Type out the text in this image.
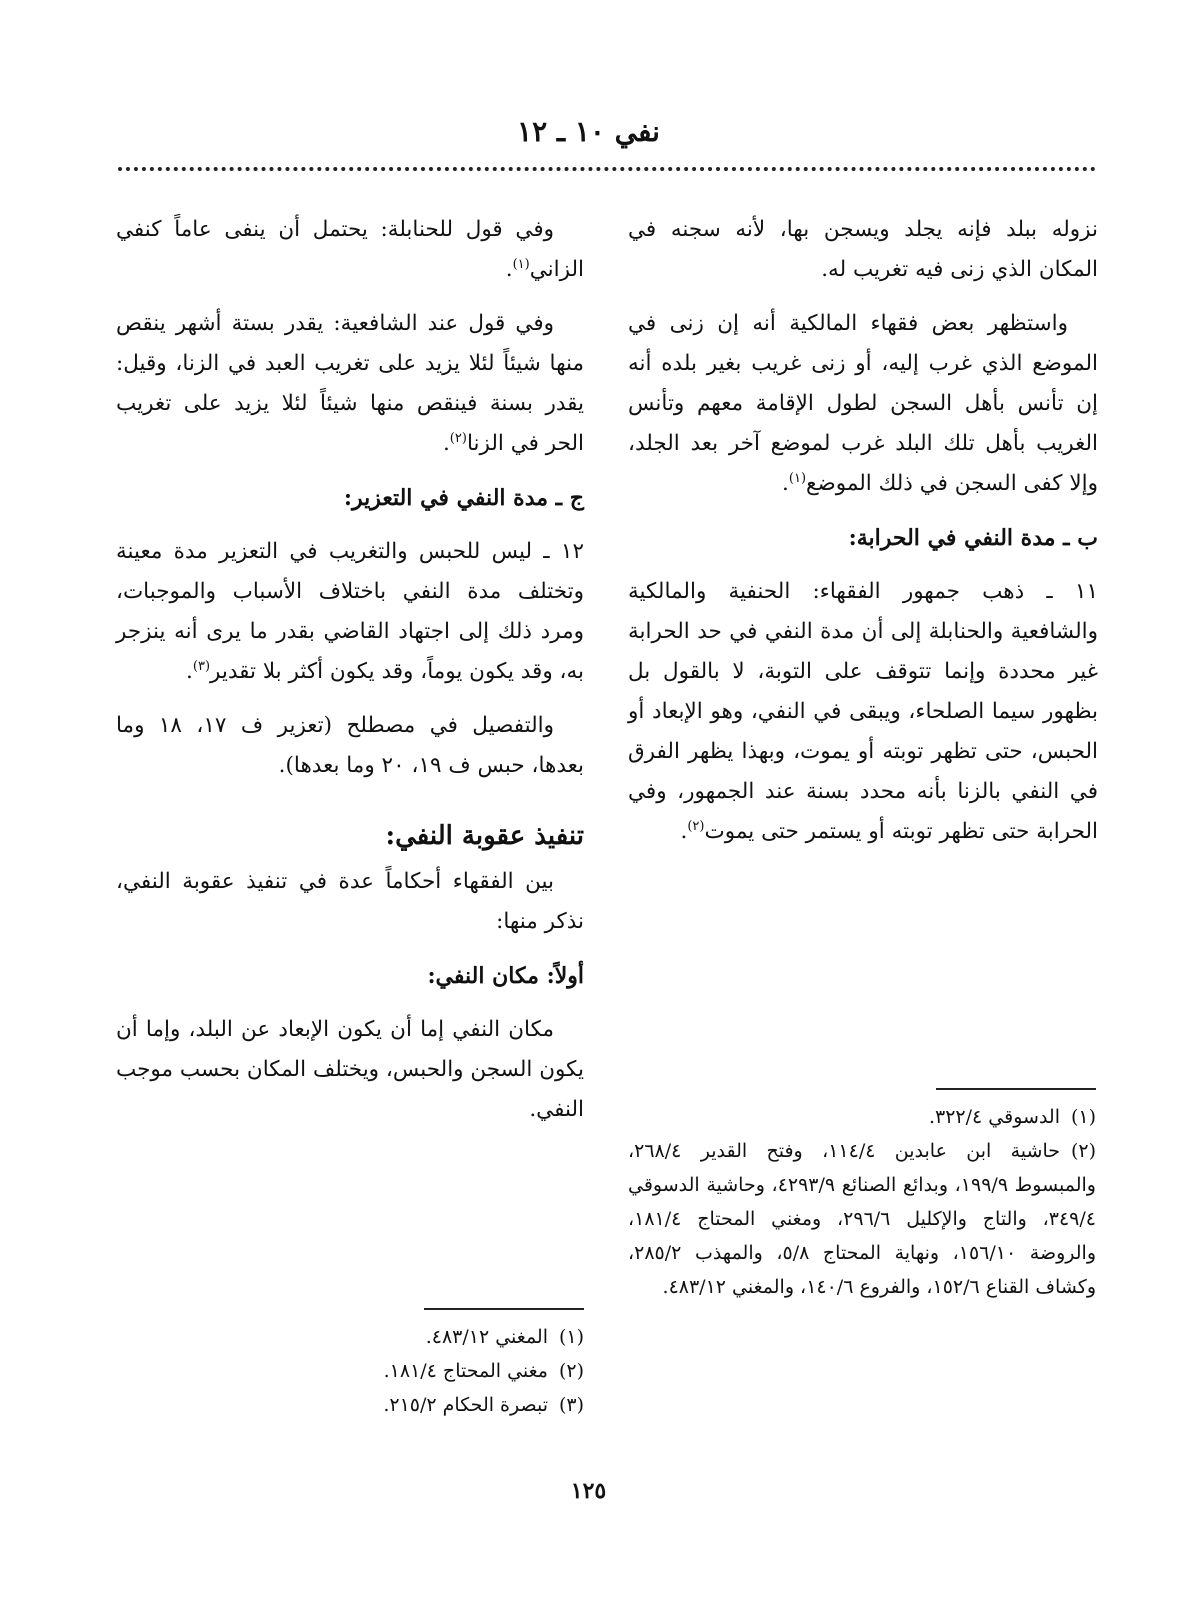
نفي ١٠ ـ ١٢

نزوله ببلد فإنه يجلد ويسجن بها، لأنه سجنه في المكان الذي زنى فيه تغريب له.

واستظهر بعض فقهاء المالكية أنه إن زنى في الموضع الذي غرب إليه، أو زنى غريب بغير بلده أنه إن تأنس بأهل السجن لطول الإقامة معهم وتأنس الغريب بأهل تلك البلد غرب لموضع آخر بعد الجلد، وإلا كفى السجن في ذلك الموضع$^{(١)}$.

ب ـ مدة النفي في الحرابة:

١١ ـ ذهب جمهور الفقهاء: الحنفية والمالكية والشافعية والحنابلة إلى أن مدة النفي في حد الحرابة غير محددة وإنما تتوقف على التوبة، لا بالقول بل بظهور سيما الصلحاء، ويبقى في النفي، وهو الإبعاد أو الحبس، حتى تظهر توبته أو يموت، وبهذا يظهر الفرق في النفي بالزنا بأنه محدد بسنة عند الجمهور، وفي الحرابة حتى تظهر توبته أو يستمر حتى يموت$^{(٢)}$.

(١)الدسوقي ٣٢٢/٤.

(٢)حاشية ابن عابدين ١١٤/٤، وفتح القدير ٢٦٨/٤، والمبسوط ١٩٩/٩، وبدائع الصنائع ٤٢٩٣/٩، وحاشية الدسوقي ٣٤٩/٤، والتاج والإكليل ٢٩٦/٦، ومغني المحتاج ١٨١/٤، والروضة ١٥٦/١٠، ونهاية المحتاج ٥/٨، والمهذب ٢٨٥/٢، وكشاف القناع ١٥٢/٦، والفروع ١٤٠/٦، والمغني ٤٨٣/١٢.

وفي قول للحنابلة: يحتمل أن ينفى عاماً كنفي الزاني$^{(١)}$.

وفي قول عند الشافعية: يقدر بستة أشهر ينقص منها شيئاً لئلا يزيد على تغريب العبد في الزنا، وقيل: يقدر بسنة فينقص منها شيئاً لئلا يزيد على تغريب الحر في الزنا$^{(٢)}$.

ج ـ مدة النفي في التعزير:

١٢ ـ ليس للحبس والتغريب في التعزير مدة معينة وتختلف مدة النفي باختلاف الأسباب والموجبات، ومرد ذلك إلى اجتهاد القاضي بقدر ما يرى أنه ينزجر به، وقد يكون يوماً، وقد يكون أكثر بلا تقدير$^{(٣)}$.

والتفصيل في مصطلح (تعزير ف ١٧، ١٨ وما بعدها، حبس ف ١٩، ٢٠ وما بعدها).

تنفيذ عقوبة النفي:

بين الفقهاء أحكاماً عدة في تنفيذ عقوبة النفي، نذكر منها:

أولاً: مكان النفي:

مكان النفي إما أن يكون الإبعاد عن البلد، وإما أن يكون السجن والحبس، ويختلف المكان بحسب موجب النفي.

(١)المغني ٤٨٣/١٢.

(٢)مغني المحتاج ١٨١/٤.

(٣)تبصرة الحكام ٢١٥/٢.

١٢٥
